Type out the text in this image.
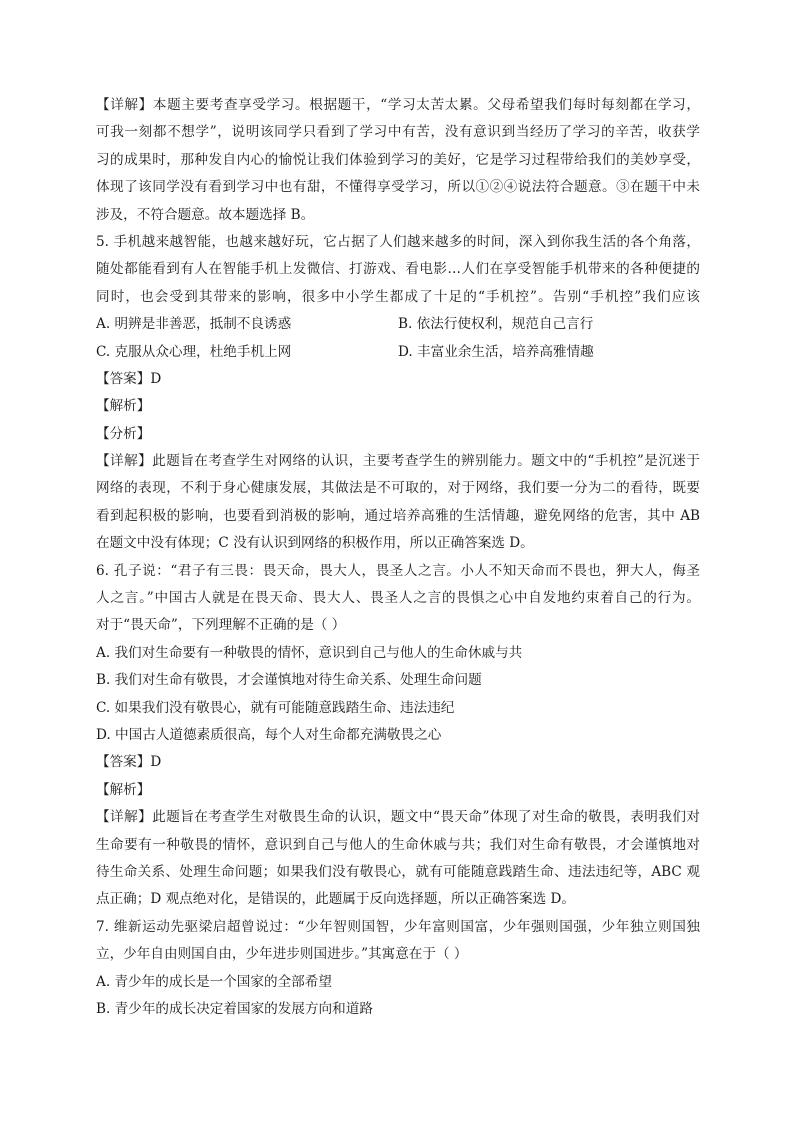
【详解】本题主要考查享受学习。根据题干，“学习太苦太累。父母希望我们每时每刻都在学习，
可我一刻都不想学”，说明该同学只看到了学习中有苦，没有意识到当经历了学习的辛苦，收获学
习的成果时，那种发自内心的愉悦让我们体验到学习的美好，它是学习过程带给我们的美妙享受，
体现了该同学没有看到学习中也有甜，不懂得享受学习，所以①②④说法符合题意。③在题干中未
涉及，不符合题意。故本题选择 B。
5. 手机越来越智能，也越来越好玩，它占据了人们越来越多的时间，深入到你我生活的各个角落，
随处都能看到有人在智能手机上发微信、打游戏、看电影…人们在享受智能手机带来的各种便捷的
同时，也会受到其带来的影响，很多中小学生都成了十足的“手机控”。告别“手机控”我们应该
A. 明辨是非善恶，抵制不良诱惑	B. 依法行使权利，规范自己言行
C. 克服从众心理，杜绝手机上网	D. 丰富业余生活，培养高雅情趣
【答案】D
【解析】
【分析】
【详解】此题旨在考查学生对网络的认识，主要考查学生的辨别能力。题文中的“手机控”是沉迷于
网络的表现，不利于身心健康发展，其做法是不可取的，对于网络，我们要一分为二的看待，既要
看到起积极的影响，也要看到消极的影响，通过培养高雅的生活情趣，避免网络的危害，其中 AB
在题文中没有体现；C 没有认识到网络的积极作用，所以正确答案选 D。
6. 孔子说：“君子有三畏：畏天命，畏大人，畏圣人之言。小人不知天命而不畏也，狎大人，侮圣
人之言。”中国古人就是在畏天命、畏大人、畏圣人之言的畏惧之心中自发地约束着自己的行为。
对于“畏天命”，下列理解不正确的是（ ）
A. 我们对生命要有一种敬畏的情怀，意识到自己与他人的生命休戚与共
B. 我们对生命有敬畏，才会谨慎地对待生命关系、处理生命问题
C. 如果我们没有敬畏心，就有可能随意践踏生命、违法违纪
D. 中国古人道德素质很高，每个人对生命都充满敬畏之心
【答案】D
【解析】
【详解】此题旨在考查学生对敬畏生命的认识，题文中“畏天命”体现了对生命的敬畏，表明我们对
生命要有一种敬畏的情怀，意识到自己与他人的生命休戚与共；我们对生命有敬畏，才会谨慎地对
待生命关系、处理生命问题；如果我们没有敬畏心，就有可能随意践踏生命、违法违纪等，ABC 观
点正确；D 观点绝对化，是错误的，此题属于反向选择题，所以正确答案选 D。
7. 维新运动先驱梁启超曾说过：“少年智则国智，少年富则国富，少年强则国强，少年独立则国独
立，少年自由则国自由，少年进步则国进步。”其寓意在于（ ）
A. 青少年的成长是一个国家的全部希望
B. 青少年的成长决定着国家的发展方向和道路
